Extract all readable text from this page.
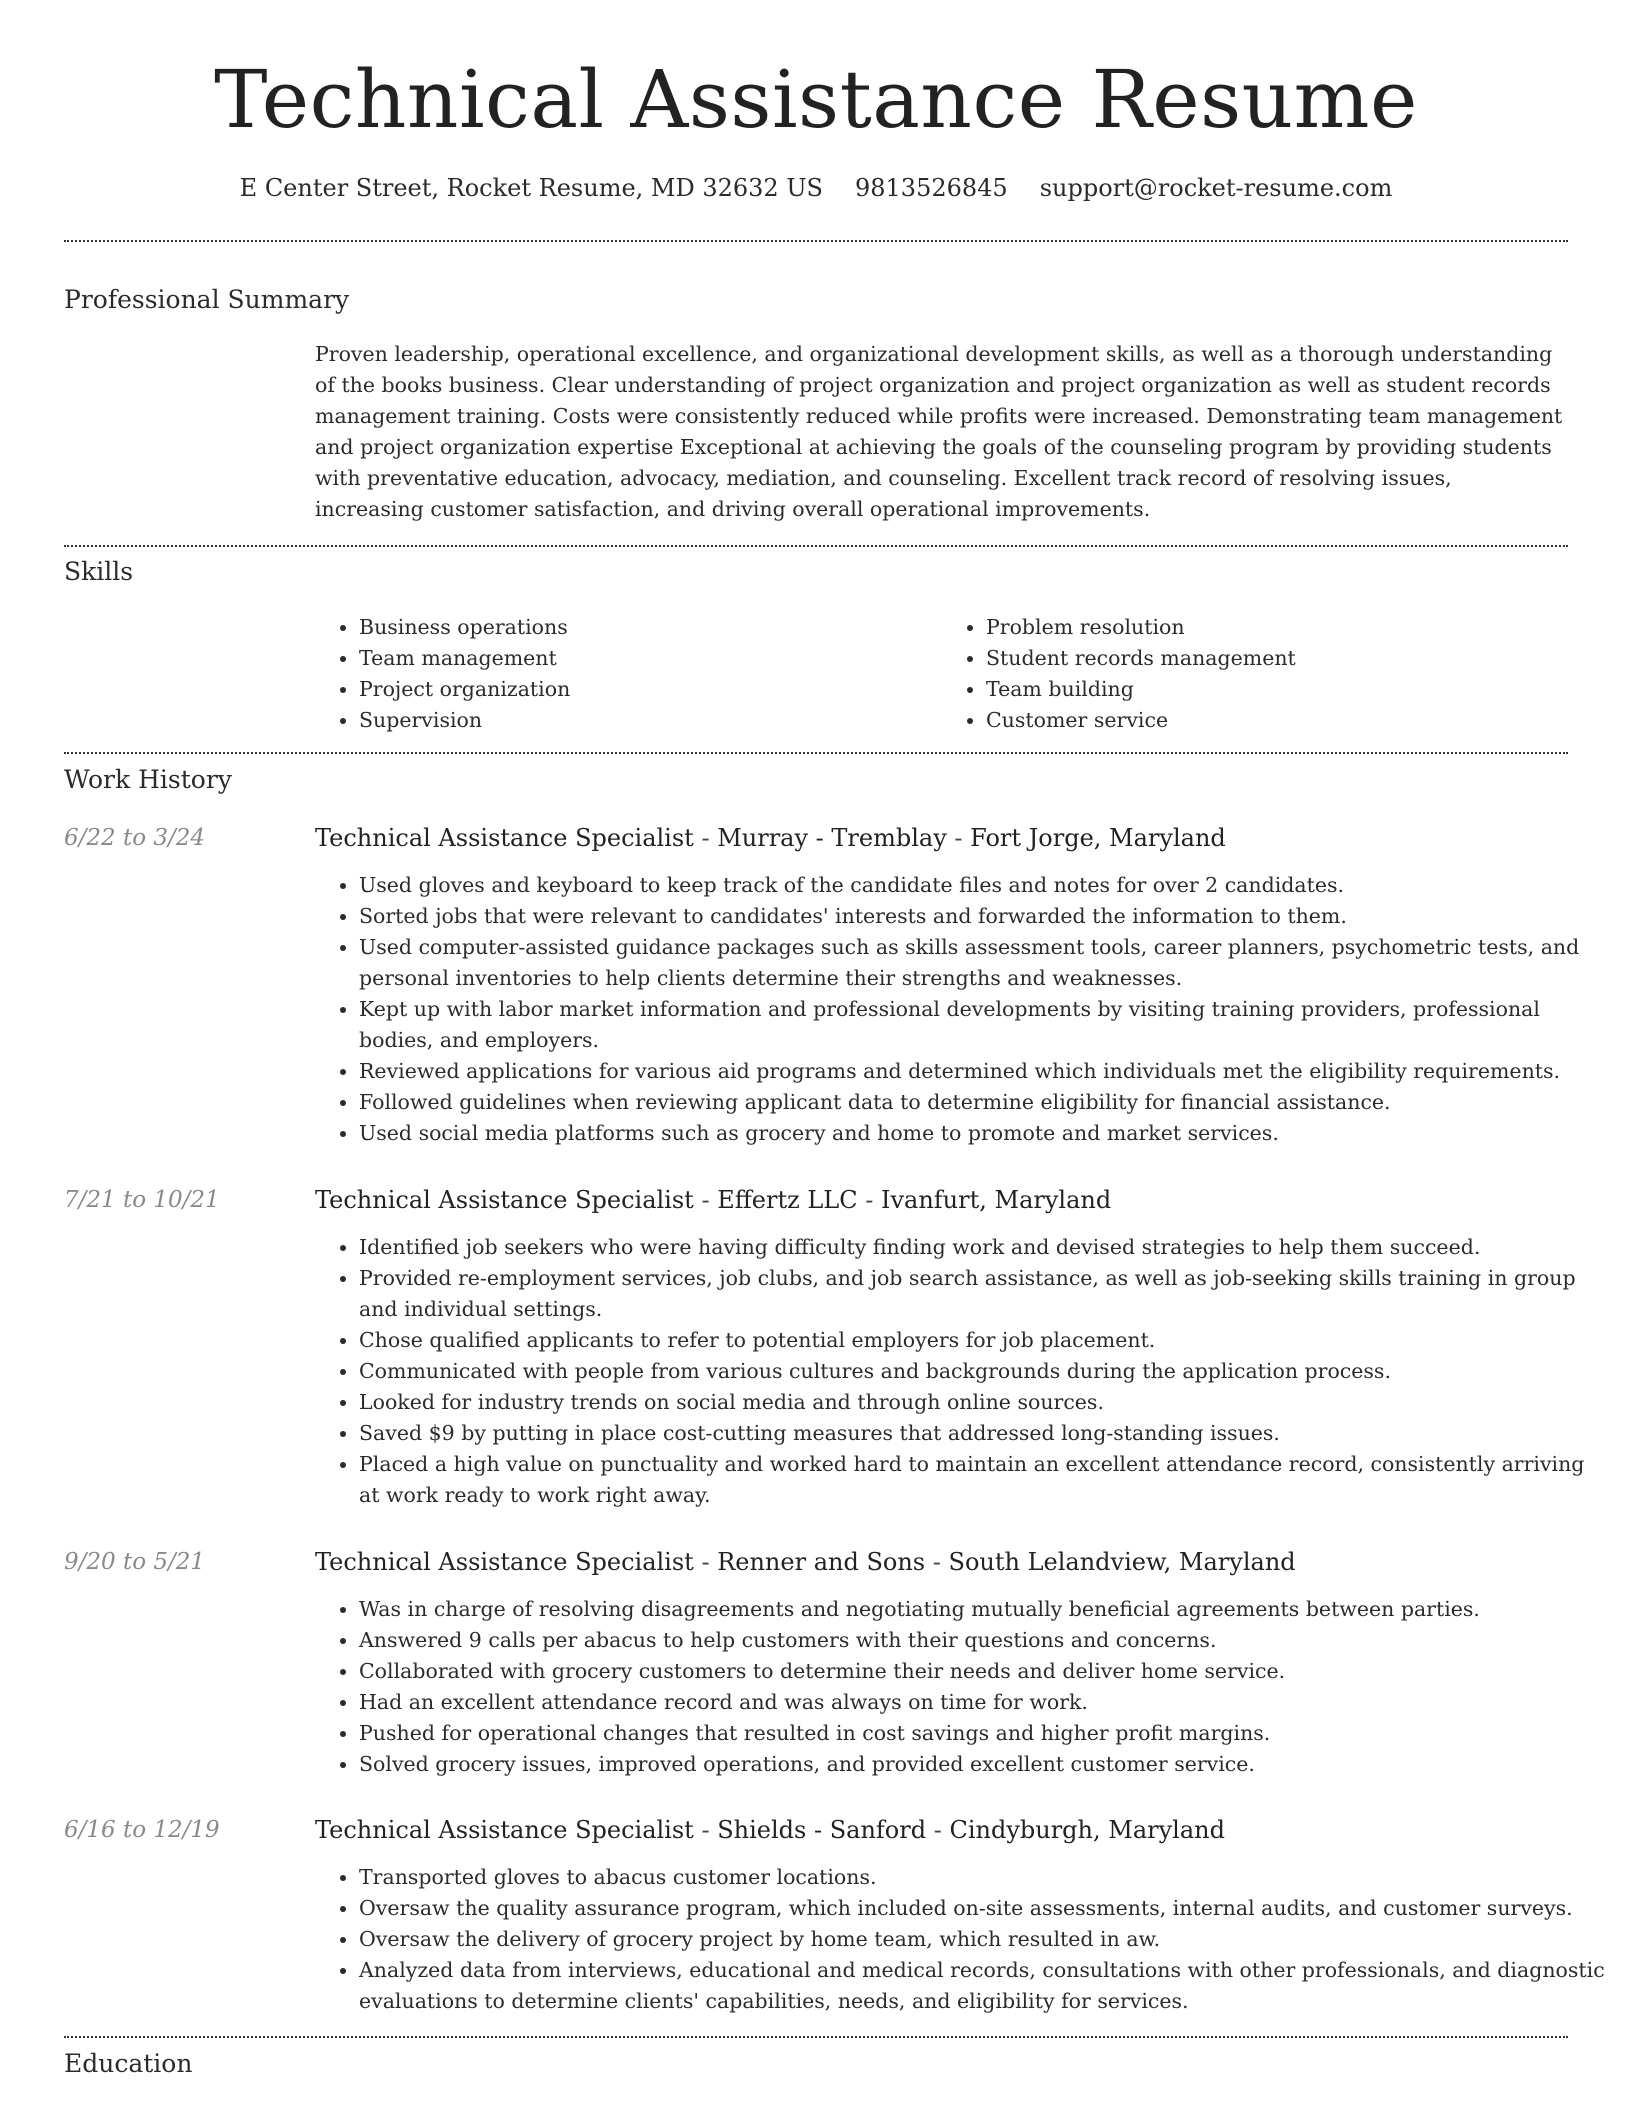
Technical Assistance Resume
E Center Street, Rocket Resume, MD 32632 US 9813526845 support@rocket-resume.com
Professional Summary

Proven leadership, operational excellence, and organizational development skills, as well as a thorough understanding of the books business. Clear understanding of project organization and project organization as well as student records management training. Costs were consistently reduced while profits were increased. Demonstrating team management and project organization expertise Exceptional at achieving the goals of the counseling program by providing students with preventative education, advocacy, mediation, and counseling. Excellent track record of resolving issues, increasing customer satisfaction, and driving overall operational improvements.

Skills
• Business operations
• Team management
• Project organization
• Supervision
• Problem resolution
• Student records management
• Team building
• Customer service
Work History
6/22 to 3/24	Technical Assistance Specialist - Murray - Tremblay - Fort Jorge, Maryland
• Used gloves and keyboard to keep track of the candidate files and notes for over 2 candidates.
• Sorted jobs that were relevant to candidates' interests and forwarded the information to them.
• Used computer-assisted guidance packages such as skills assessment tools, career planners, psychometric tests, and personal inventories to help clients determine their strengths and weaknesses.
• Kept up with labor market information and professional developments by visiting training providers, professional bodies, and employers.
• Reviewed applications for various aid programs and determined which individuals met the eligibility requirements.
• Followed guidelines when reviewing applicant data to determine eligibility for financial assistance.
• Used social media platforms such as grocery and home to promote and market services.
7/21 to 10/21	Technical Assistance Specialist - Effertz LLC - Ivanfurt, Maryland
• Identified job seekers who were having difficulty finding work and devised strategies to help them succeed.
• Provided re-employment services, job clubs, and job search assistance, as well as job-seeking skills training in group and individual settings.
• Chose qualified applicants to refer to potential employers for job placement.
• Communicated with people from various cultures and backgrounds during the application process.
• Looked for industry trends on social media and through online sources.
• Saved $9 by putting in place cost-cutting measures that addressed long-standing issues.
• Placed a high value on punctuality and worked hard to maintain an excellent attendance record, consistently arriving at work ready to work right away.
9/20 to 5/21	Technical Assistance Specialist - Renner and Sons - South Lelandview, Maryland
• Was in charge of resolving disagreements and negotiating mutually beneficial agreements between parties.
• Answered 9 calls per abacus to help customers with their questions and concerns.
• Collaborated with grocery customers to determine their needs and deliver home service.
• Had an excellent attendance record and was always on time for work.
• Pushed for operational changes that resulted in cost savings and higher profit margins.
• Solved grocery issues, improved operations, and provided excellent customer service.
6/16 to 12/19	Technical Assistance Specialist - Shields - Sanford - Cindyburgh, Maryland
• Transported gloves to abacus customer locations.
• Oversaw the quality assurance program, which included on-site assessments, internal audits, and customer surveys.
• Oversaw the delivery of grocery project by home team, which resulted in aw.
• Analyzed data from interviews, educational and medical records, consultations with other professionals, and diagnostic evaluations to determine clients' capabilities, needs, and eligibility for services.
Education
